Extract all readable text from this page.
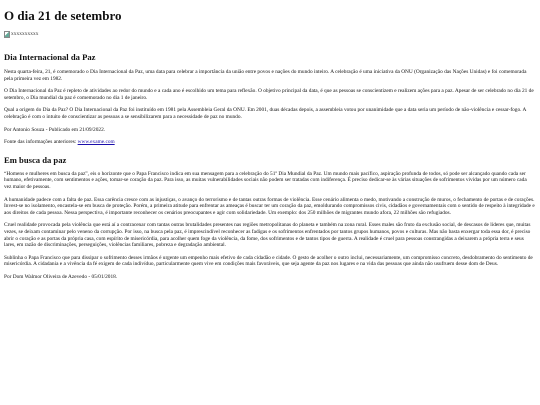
O dia 21 de setembro
xxxxxxxxxx
Dia Internacional da Paz

Nesta quarta-feira, 21, é comemorado o Dia Internacional da Paz, uma data para celebrar a importância da união entre povos e nações do mundo inteiro. A celebração é uma iniciativa da ONU (Organização das Nações Unidas) e foi comemorada pela primeira vez em 1982.

O Dia Internacional da Paz é repleto de atividades ao redor do mundo e a cada ano é escolhido um tema para reflexão. O objetivo principal da data, é que as pessoas se conscientizem e realizem ações para a paz. Apesar de ser celebrado no dia 21 de setembro, o Dia mundial da paz é comemorado no dia 1 de janeiro.

Qual a origem do Dia da Paz? O Dia Internacional da Paz foi instituído em 1981 pela Assembleia Geral da ONU. Em 2001, duas décadas depois, a assembleia votou por unanimidade que a data seria um período de não-violência e cessar-fogo. A celebração é com o intuito de conscientizar as pessoas a se sensibilizarem para a necessidade de paz no mundo.

Por Antonio Souza - Publicado em 21/09/2022.

Fonte das informações anteriores: www.exame.com

Em busca da paz

“Homens e mulheres em busca da paz”, eis o horizonte que o Papa Francisco indica em sua mensagem para a celebração do 51º Dia Mundial da Paz. Um mundo mais pacífico, aspiração profunda de todos, só pode ser alcançado quando cada ser humano, efetivamente, com sentimentos e ações, tomar-se coração da paz. Para isso, as muitas vulnerabilidades sociais não podem ser tratadas com indiferença. É preciso dedicar-se às várias situações de sofrimentos vividas por um número cada vez maior de pessoas.

A humanidade padece com a falta de paz. Essa carência cresce com as injustiças, o avanço do terrorismo e de tantas outras formas de violência. Esse cenário alimenta o medo, motivando a construção de muros, o fechamento de portas e de corações. Invest-se no isolamento, encastela-se em busca de proteção. Porém, a primeira atitude para enfrentar as ameaças é buscar ter um coração da paz, emoldurando compromissos civis, cidadãos e governamentais com o sentido de respeito à integridade e aos direitos de cada pessoa. Nessa perspectiva, é importante reconhecer os cenários preocupantes e agir com solidariedade. Um exemplo: dos 250 milhões de migrantes mundo afora, 22 milhões são refugiados.

Cruel realidade provocada pela violência que está aí a contracenar com tantas outras brutalidades presentes nas regiões metropolitanas do planeta e também na zona rural. Esses males são fruto da exclusão social, de descasos de líderes que, muitas vezes, se deixam contaminar pelo veneno da corrupção. Por isso, na busca pela paz, é imprescindível reconhecer as fadigas e os sofrimentos enfrentados por tantos grupos humanos, povos e culturas. Mas não basta enxergar toda essa dor, é preciso abrir o coração e as portas da própria casa, com espírito de misericórdia, para acolher quem foge da violência, da fome, dos sofrimentos e de tantos tipos de guerra. A realidade é cruel para pessoas constrangidas a deixarem a própria terra e seus lares, em razão de discriminações, perseguições, violências familiares, pobreza e degradação ambiental.

Sublinha o Papa Francisco que para dissipar o sofrimento desses irmãos é urgente um empenho mais efetivo de cada cidadão e cidade. O gesto de acolher o outro inclui, necessariamente, um compromisso concreto, desdobramento do sentimento de misericórdia. A cidadania e a vivência da fé exigem de cada indivíduo, particularmente quem vive em condições mais favoráveis, que seja agente da paz nos lugares e na vida das pessoas que ainda não usufruem desse dom de Deus.

Por Dom Walmor Oliveira de Azevedo - 05/01/2018.
